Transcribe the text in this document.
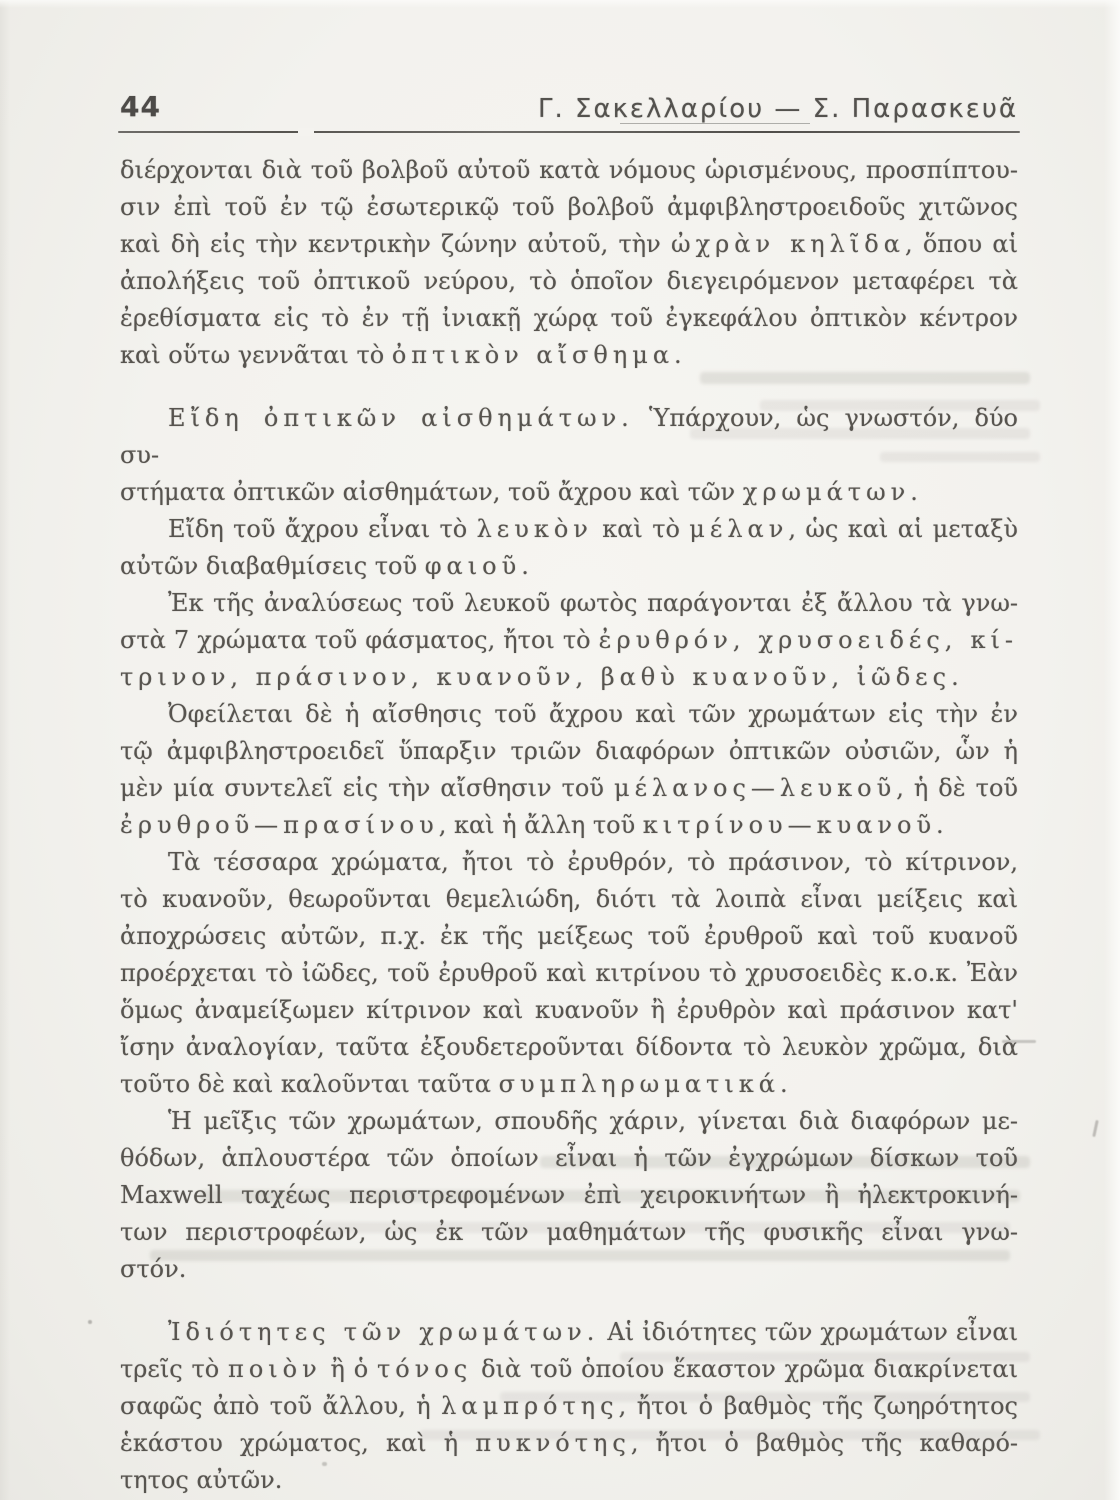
44	Γ. Σακελλαρίου — Σ. Παρασκευᾶ
διέρχονται διὰ τοῦ βολβοῦ αὐτοῦ κατὰ νόμους ὡρισμένους, προσπίπτου-
σιν ἐπὶ τοῦ ἐν τῷ ἐσωτερικῷ τοῦ βολβοῦ ἀμφιβληστροειδοῦς χιτῶνος
καὶ δὴ εἰς τὴν κεντρικὴν ζώνην αὐτοῦ, τὴν ὠχρὰν κηλῖδα, ὅπου αἱ
ἀπολήξεις τοῦ ὀπτικοῦ νεύρου, τὸ ὁποῖον διεγειρόμενον μεταφέρει τὰ
ἐρεθίσματα εἰς τὸ ἐν τῇ ἰνιακῇ χώρᾳ τοῦ ἐγκεφάλου ὀπτικὸν κέντρον
καὶ οὕτω γεννᾶται τὸ ὀπτικὸν αἴσθημα.
Εἴδη ὀπτικῶν αἰσθημάτων. Ὑπάρχουν, ὡς γνωστόν, δύο συ-
στήματα ὀπτικῶν αἰσθημάτων, τοῦ ἄχρου καὶ τῶν χρωμάτων.
Εἴδη τοῦ ἄχρου εἶναι τὸ λευκὸν καὶ τὸ μέλαν, ὡς καὶ αἱ μεταξὺ
αὐτῶν διαβαθμίσεις τοῦ φαιοῦ.
Ἐκ τῆς ἀναλύσεως τοῦ λευκοῦ φωτὸς παράγονται ἐξ ἄλλου τὰ γνω-
στὰ 7 χρώματα τοῦ φάσματος, ἤτοι τὸ ἐρυθρόν, χρυσοειδές, κί-
τρινον, πράσινον, κυανοῦν, βαθὺ κυανοῦν, ἰῶδες.
Ὀφείλεται δὲ ἡ αἴσθησις τοῦ ἄχρου καὶ τῶν χρωμάτων εἰς τὴν ἐν
τῷ ἀμφιβληστροειδεῖ ὕπαρξιν τριῶν διαφόρων ὀπτικῶν οὐσιῶν, ὧν ἡ
μὲν μία συντελεῖ εἰς τὴν αἴσθησιν τοῦ μέλανος—λευκοῦ, ἡ δὲ τοῦ
ἐρυθροῦ—πρασίνου, καὶ ἡ ἄλλη τοῦ κιτρίνου—κυανοῦ.
Τὰ τέσσαρα χρώματα, ἤτοι τὸ ἐρυθρόν, τὸ πράσινον, τὸ κίτρινον,
τὸ κυανοῦν, θεωροῦνται θεμελιώδη, διότι τὰ λοιπὰ εἶναι μείξεις καὶ
ἀποχρώσεις αὐτῶν, π.χ. ἐκ τῆς μείξεως τοῦ ἐρυθροῦ καὶ τοῦ κυανοῦ
προέρχεται τὸ ἰῶδες, τοῦ ἐρυθροῦ καὶ κιτρίνου τὸ χρυσοειδὲς κ.ο.κ. Ἐὰν
ὅμως ἀναμείξωμεν κίτρινον καὶ κυανοῦν ἢ ἐρυθρὸν καὶ πράσινον κατ'
ἴσην ἀναλογίαν, ταῦτα ἐξουδετεροῦνται δίδοντα τὸ λευκὸν χρῶμα, διὰ
τοῦτο δὲ καὶ καλοῦνται ταῦτα συμπληρωματικά.
Ἡ μεῖξις τῶν χρωμάτων, σπουδῆς χάριν, γίνεται διὰ διαφόρων με-
θόδων, ἁπλουστέρα τῶν ὁποίων εἶναι ἡ τῶν ἐγχρώμων δίσκων τοῦ
Maxwell ταχέως περιστρεφομένων ἐπὶ χειροκινήτων ἢ ἠλεκτροκινή-
των περιστροφέων, ὡς ἐκ τῶν μαθημάτων τῆς φυσικῆς εἶναι γνω-
στόν.
Ἰδιότητες τῶν χρωμάτων. Αἱ ἰδιότητες τῶν χρωμάτων εἶναι
τρεῖς τὸ ποιὸν ἢ ὁ τόνος διὰ τοῦ ὁποίου ἕκαστον χρῶμα διακρίνεται
σαφῶς ἀπὸ τοῦ ἄλλου, ἡ λαμπρότης, ἤτοι ὁ βαθμὸς τῆς ζωηρότητος
ἑκάστου χρώματος, καὶ ἡ πυκνότης, ἤτοι ὁ βαθμὸς τῆς καθαρό-
τητος αὐτῶν.
